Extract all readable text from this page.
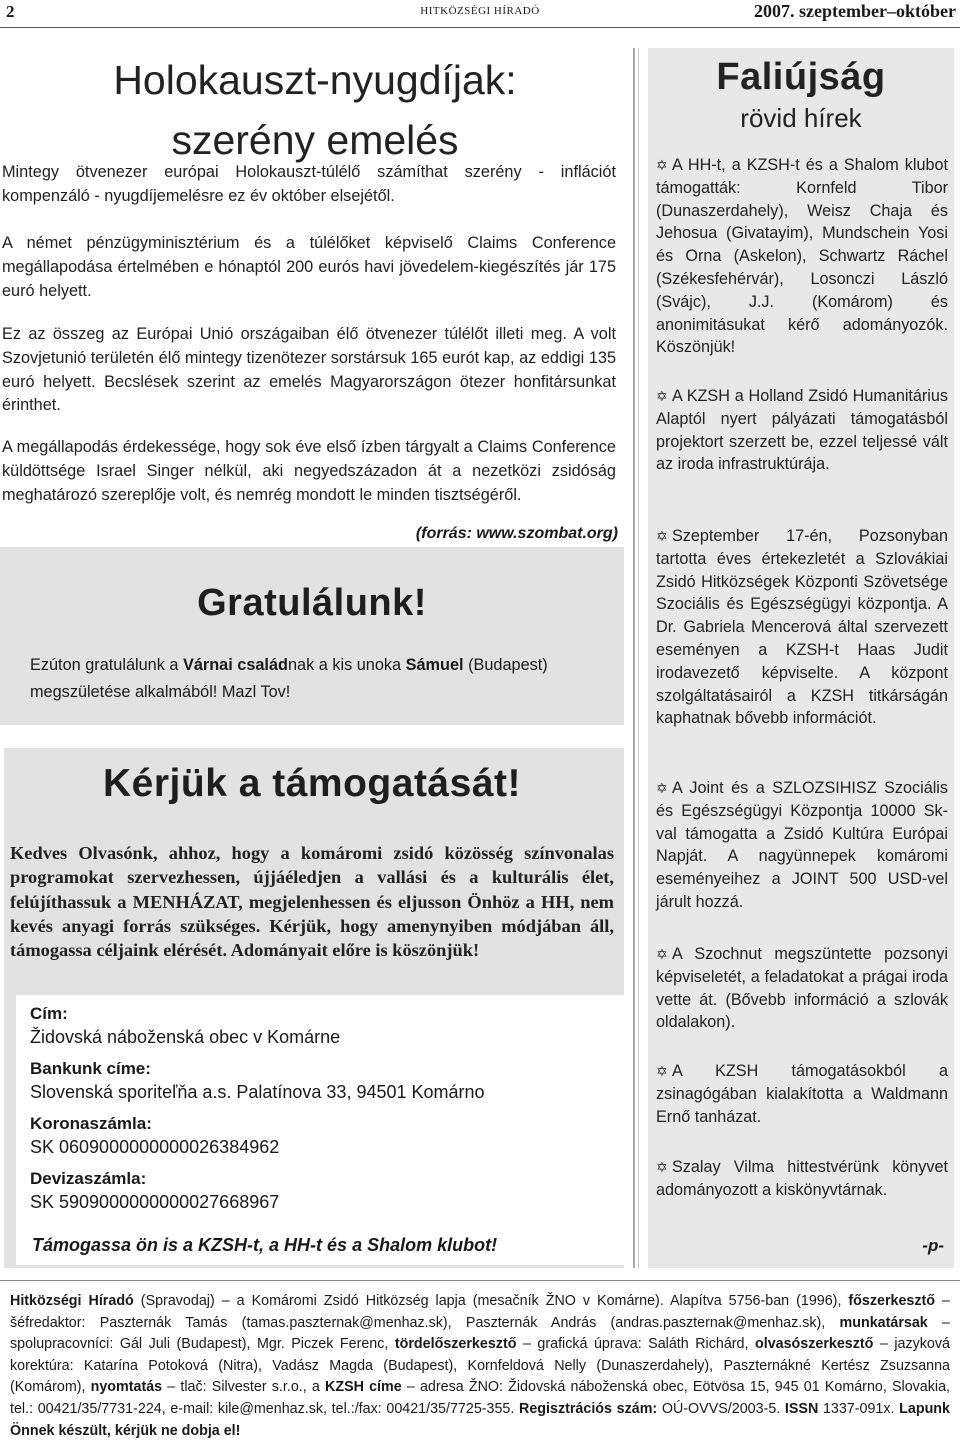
2	HITKÖZSÉGI HÍRADÓ	2007. szeptember–október
Holokauszt-nyugdíjak:
szerény emelés
Mintegy ötvenezer európai Holokauszt-túlélő számíthat szerény - inflációt kompenzáló - nyugdíjemelésre ez év október elsejétől.
A német pénzügyminisztérium és a túlélőket képviselő Claims Conference megállapodása értelmében e hónaptól 200 eurós havi jövedelem-kiegészítés jár 175 euró helyett.
Ez az összeg az Európai Unió országaiban élő ötvenezer túlélőt illeti meg. A volt Szovjetunió területén élő mintegy tizenötezer sorstársuk 165 eurót kap, az eddigi 135 euró helyett. Becslések szerint az emelés Magyarországon ötezer honfitársunkat érinthet.
A megállapodás érdekessége, hogy sok éve első ízben tárgyalt a Claims Conference küldöttsége Israel Singer nélkül, aki negyedszázadon át a nezetközi zsidóság meghatározó szereplője volt, és nemrég mondott le minden tisztségéről.
(forrás: www.szombat.org)
Gratulálunk!
Ezúton gratulálunk a Várnai családnak a kis unoka Sámuel (Budapest) megszületése alkalmából! Mazl Tov!
Kérjük a támogatását!
Kedves Olvasónk, ahhoz, hogy a komáromi zsidó közösség színvonalas programokat szervezhessen, újjáéledjen a vallási és a kulturális élet, felújíthassuk a MENHÁZAT, megjelenhessen és eljusson Önhöz a HH, nem kevés anyagi forrás szükséges. Kérjük, hogy amenynyiben módjában áll, támogassa céljaink elérését. Adományait előre is köszönjük!
Cím:
Židovská náboženská obec v Komárne
Bankunk címe:
Slovenská sporiteľňa a.s. Palatínova 33, 94501 Komárno
Koronaszámla:
SK 0609000000000026384962
Devizaszámla:
SK 5909000000000027668967
Támogassa ön is a KZSH-t, a HH-t és a Shalom klubot!
Faliújság
rövid hírek
✡ A HH-t, a KZSH-t és a Shalom klubot támogatták: Kornfeld Tibor (Dunaszerdahely), Weisz Chaja és Jehosua (Givatayim), Mundschein Yosi és Orna (Askelon), Schwartz Ráchel (Székesfehérvár), Losonczi László (Svájc), J.J. (Komárom) és anonimitásukat kérő adományozók. Köszönjük!
✡ A KZSH a Holland Zsidó Humanitárius Alaptól nyert pályázati támogatásból projektort szerzett be, ezzel teljessé vált az iroda infrastruktúrája.
✡ Szeptember 17-én, Pozsonyban tartotta éves értekezletét a Szlovákiai Zsidó Hitközségek Központi Szövetsége Szociális és Egészségügyi központja. A Dr. Gabriela Mencerová által szervezett eseményen a KZSH-t Haas Judit irodavezető képviselte. A központ szolgáltatásairól a KZSH titkárságán kaphatnak bővebb információt.
✡ A Joint és a SZLOZSIHISZ Szociális és Egészségügyi Központja 10000 Sk-val támogatta a Zsidó Kultúra Európai Napját. A nagyünnepek komáromi eseményeihez a JOINT 500 USD-vel járult hozzá.
✡ A Szochnut megszüntette pozsonyi képviseletét, a feladatokat a prágai iroda vette át. (Bővebb információ a szlovák oldalakon).
✡ A KZSH támogatásokból a zsinagógában kialakította a Waldmann Ernő tanházat.
✡ Szalay Vilma hittestvérünk könyvet adományozott a kiskönyvtárnak.
-p-
Hitközségi Híradó (Spravodaj) – a Komáromi Zsidó Hitközség lapja (mesačník ŽNO v Komárne). Alapítva 5756-ban (1996), főszerkesztő – šéfredaktor: Paszternák Tamás (tamas.paszternak@menhaz.sk), Paszternák András (andras.paszternak@menhaz.sk), munkatársak – spolupracovníci: Gál Juli (Budapest), Mgr. Piczek Ferenc, tördelőszerkesztő – grafická úprava: Saláth Richárd, olvasószerkesztő – jazyková korektúra: Katarína Potoková (Nitra), Vadász Magda (Budapest), Kornfeldová Nelly (Dunaszerdahely), Paszternákné Kertész Zsuzsanna (Komárom), nyomtatás – tlač: Silvester s.r.o., a KZSH címe – adresa ŽNO: Židovská náboženská obec, Eötvösa 15, 945 01 Komárno, Slovakia, tel.: 00421/35/7731-224, e-mail: kile@menhaz.sk, tel.:/fax: 00421/35/7725-355. Regisztrációs szám: OÚ-OVVS/2003-5. ISSN 1337-091x. Lapunk Önnek készült, kérjük ne dobja el!
